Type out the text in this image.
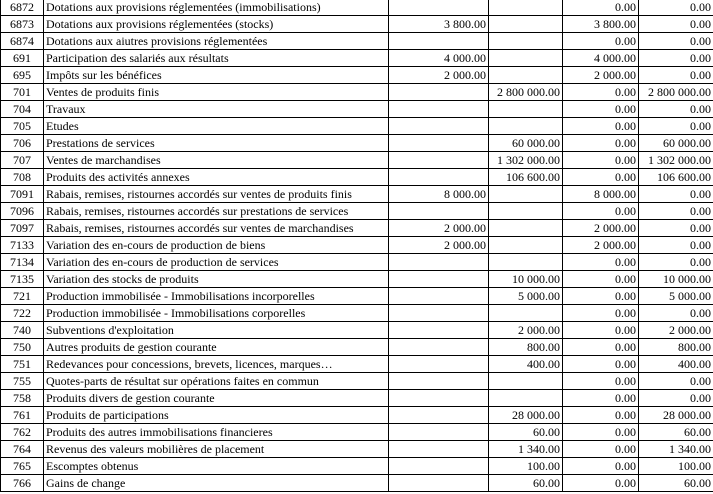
6872	Dotations aux provisions réglementées (immobilisations)			0.00	0.00
6873	Dotations aux provisions réglementées (stocks)	3 800.00		3 800.00	0.00
6874	Dotations aux aiutres provisions réglementées			0.00	0.00
691	Participation des salariés aux résultats	4 000.00		4 000.00	0.00
695	Impôts sur les bénéfices	2 000.00		2 000.00	0.00
701	Ventes de produits finis		2 800 000.00	0.00	2 800 000.00
704	Travaux			0.00	0.00
705	Etudes			0.00	0.00
706	Prestations de services		60 000.00	0.00	60 000.00
707	Ventes de marchandises		1 302 000.00	0.00	1 302 000.00
708	Produits des activités annexes		106 600.00	0.00	106 600.00
7091	Rabais, remises, ristournes accordés sur ventes de produits finis	8 000.00		8 000.00	0.00
7096	Rabais, remises, ristournes accordés sur prestations de services			0.00	0.00
7097	Rabais, remises, ristournes accordés sur ventes de marchandises	2 000.00		2 000.00	0.00
7133	Variation des en-cours de production de biens	2 000.00		2 000.00	0.00
7134	Variation des en-cours de production de services			0.00	0.00
7135	Variation des stocks de produits		10 000.00	0.00	10 000.00
721	Production immobilisée - Immobilisations incorporelles		5 000.00	0.00	5 000.00
722	Production immobilisée - Immobilisations corporelles			0.00	0.00
740	Subventions d'exploitation		2 000.00	0.00	2 000.00
750	Autres produits de gestion courante		800.00	0.00	800.00
751	Redevances pour concessions, brevets, licences, marques…		400.00	0.00	400.00
755	Quotes-parts de résultat sur opérations faites en commun			0.00	0.00
758	Produits divers de gestion courante			0.00	0.00
761	Produits de participations		28 000.00	0.00	28 000.00
762	Produits des autres immobilisations financieres		60.00	0.00	60.00
764	Revenus des valeurs mobilières de placement		1 340.00	0.00	1 340.00
765	Escomptes obtenus		100.00	0.00	100.00
766	Gains de change		60.00	0.00	60.00
